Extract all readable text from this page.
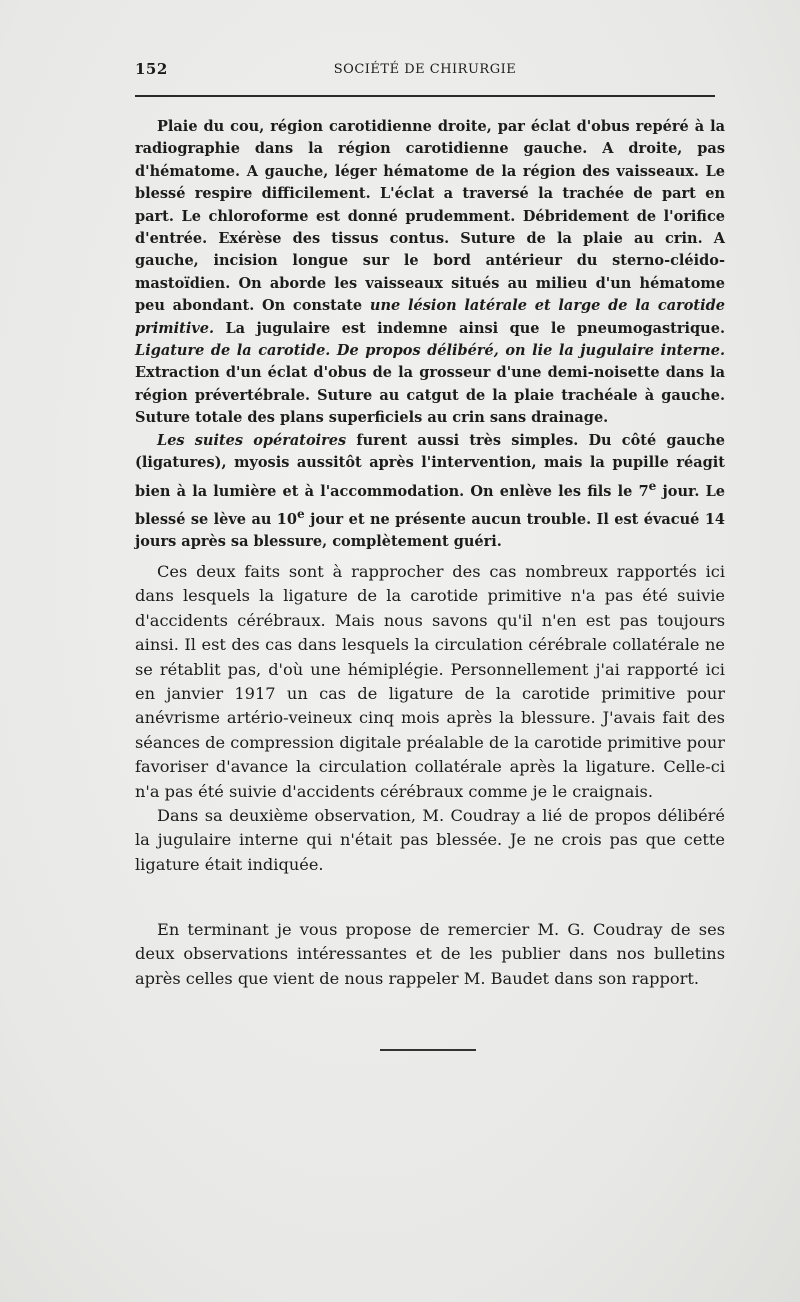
152	SOCIÉTÉ DE CHIRURGIE

Plaie du cou, région carotidienne droite, par éclat d'obus repéré à la radiographie dans la région carotidienne gauche. A droite, pas d'hématome. A gauche, léger hématome de la région des vaisseaux. Le blessé respire difficilement. L'éclat a traversé la trachée de part en part. Le chloroforme est donné prudemment. Débridement de l'orifice d'entrée. Exérèse des tissus contus. Suture de la plaie au crin. A gauche, incision longue sur le bord antérieur du sterno-cléido-mastoïdien. On aborde les vaisseaux situés au milieu d'un hématome peu abondant. On constate une lésion latérale et large de la carotide primitive. La jugulaire est indemne ainsi que le pneumogastrique. Ligature de la carotide. De propos délibéré, on lie la jugulaire interne. Extraction d'un éclat d'obus de la grosseur d'une demi-noisette dans la région prévertébrale. Suture au catgut de la plaie trachéale à gauche. Suture totale des plans superficiels au crin sans drainage.

Les suites opératoires furent aussi très simples. Du côté gauche (ligatures), myosis aussitôt après l'intervention, mais la pupille réagit bien à la lumière et à l'accommodation. On enlève les fils le 7e jour. Le blessé se lève au 10e jour et ne présente aucun trouble. Il est évacué 14 jours après sa blessure, complètement guéri.

Ces deux faits sont à rapprocher des cas nombreux rapportés ici dans lesquels la ligature de la carotide primitive n'a pas été suivie d'accidents cérébraux. Mais nous savons qu'il n'en est pas toujours ainsi. Il est des cas dans lesquels la circulation cérébrale collatérale ne se rétablit pas, d'où une hémiplégie. Personnellement j'ai rapporté ici en janvier 1917 un cas de ligature de la carotide primitive pour anévrisme artério-veineux cinq mois après la blessure. J'avais fait des séances de compression digitale préalable de la carotide primitive pour favoriser d'avance la circulation collatérale après la ligature. Celle-ci n'a pas été suivie d'accidents cérébraux comme je le craignais.

Dans sa deuxième observation, M. Coudray a lié de propos délibéré la jugulaire interne qui n'était pas blessée. Je ne crois pas que cette ligature était indiquée.

En terminant je vous propose de remercier M. G. Coudray de ses deux observations intéressantes et de les publier dans nos bulletins après celles que vient de nous rappeler M. Baudet dans son rapport.
